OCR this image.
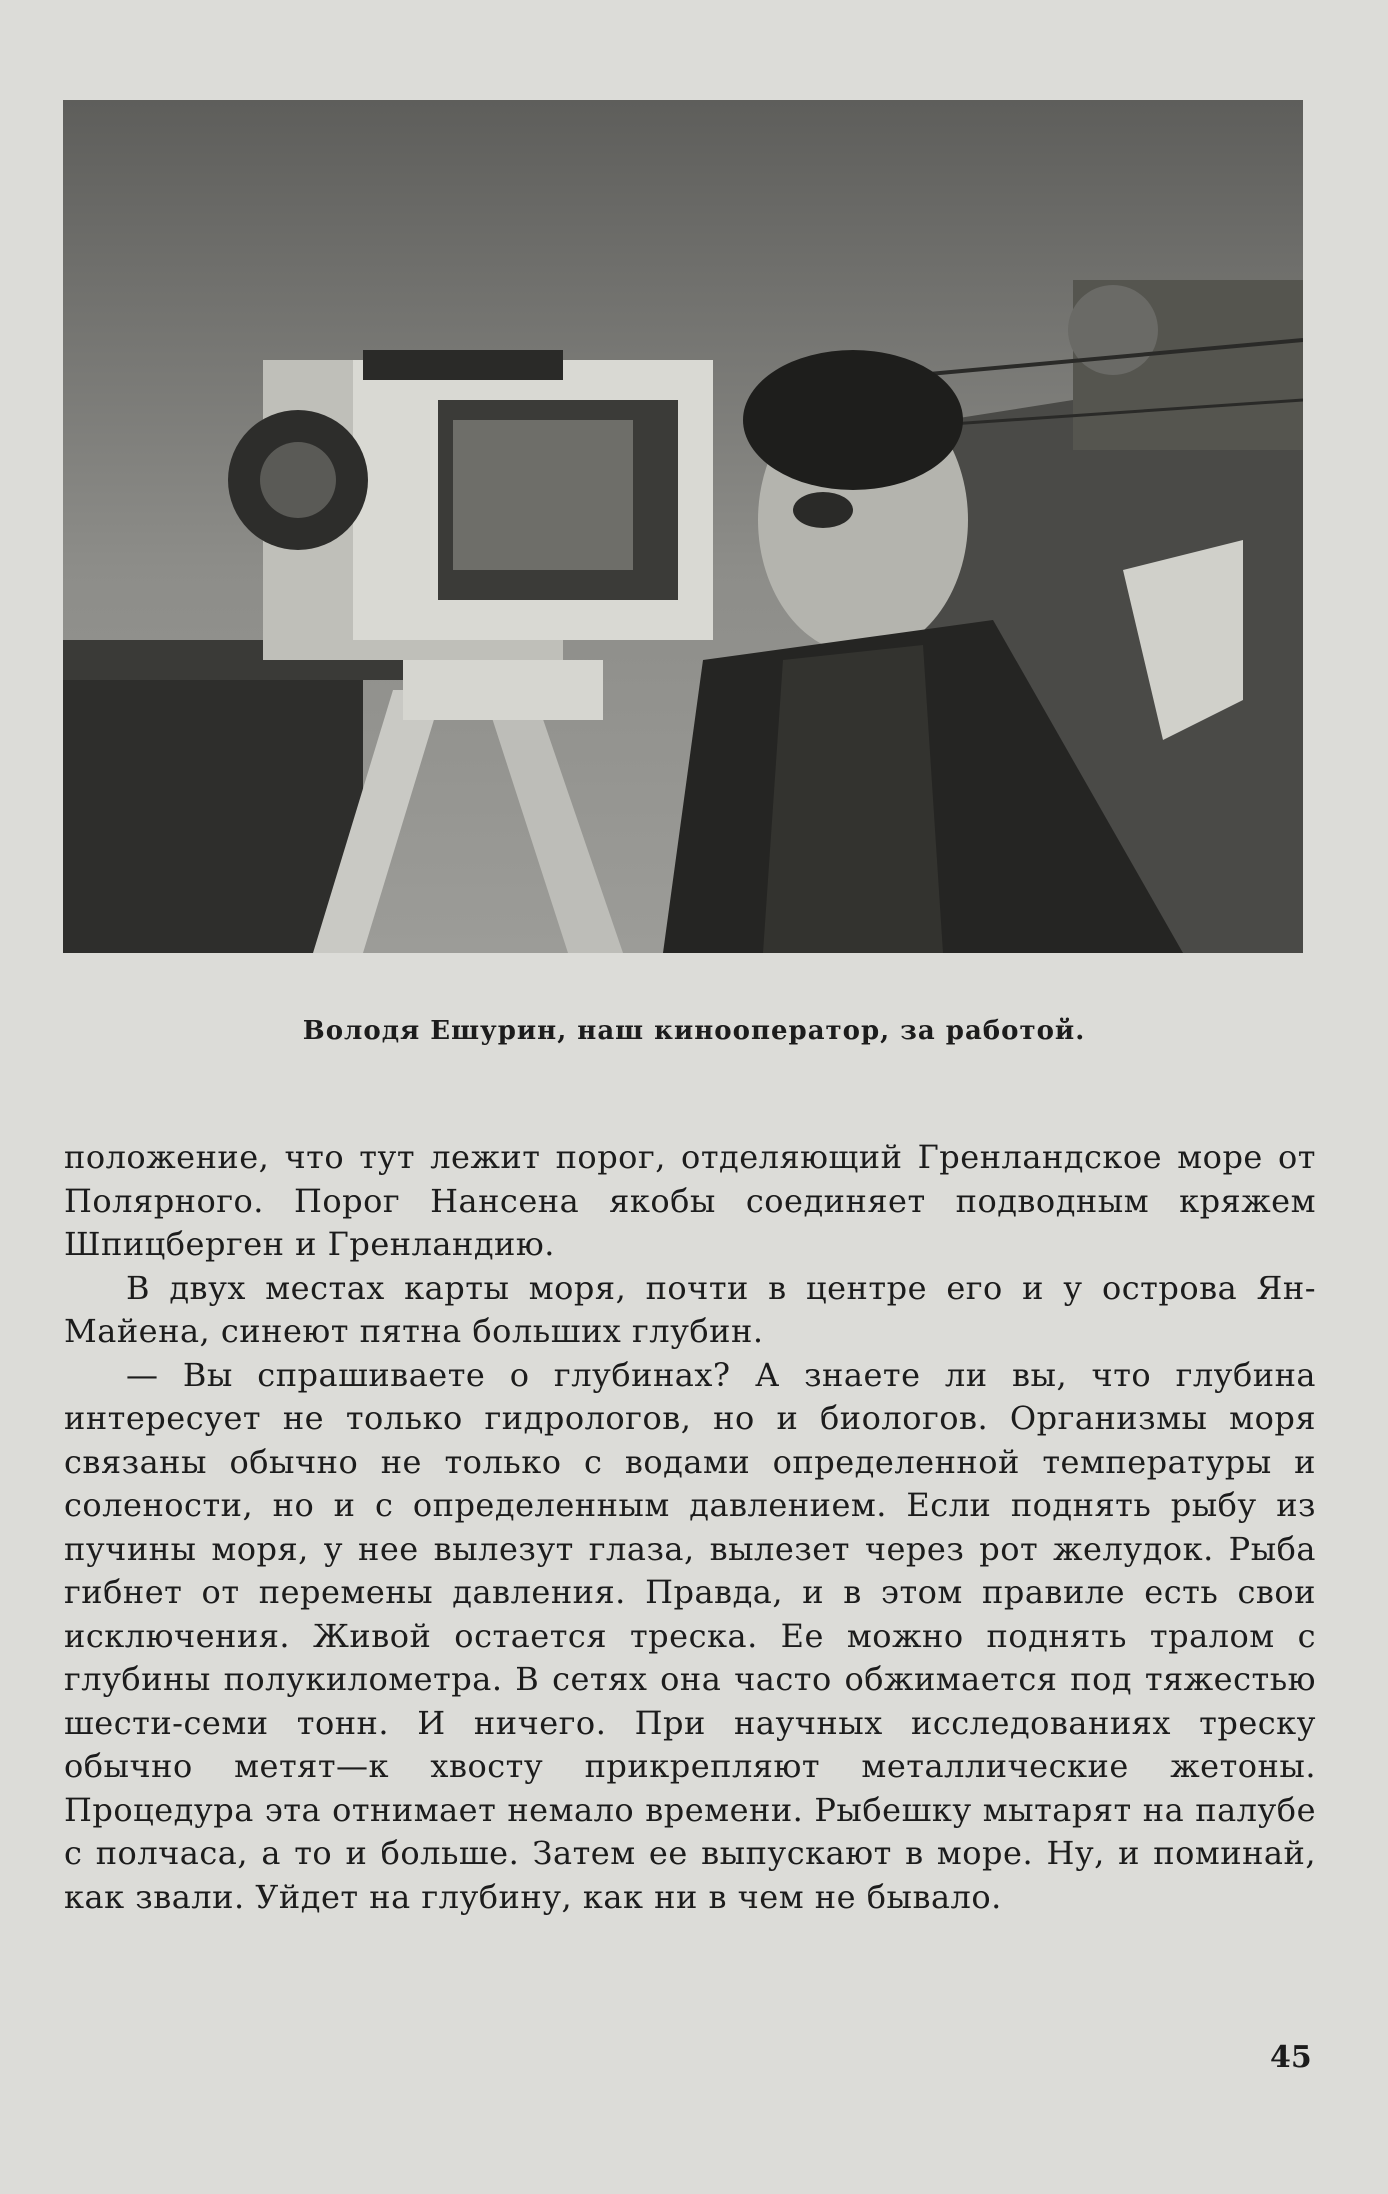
Володя Ешурин, наш кинооператор, за работой.

положение, что тут лежит порог, отделяющий Гренландское море от Полярного. Порог Нансена якобы соединяет подводным кряжем Шпицберген и Гренландию.

В двух местах карты моря, почти в центре его и у острова Ян-Майена, синеют пятна больших глубин.

— Вы спрашиваете о глубинах? А знаете ли вы, что глубина интересует не только гидрологов, но и биологов. Организмы моря связаны обычно не только с водами определенной температуры и солености, но и с определенным давлением. Если поднять рыбу из пучины моря, у нее вылезут глаза, вылезет через рот желудок. Рыба гибнет от перемены давления. Правда, и в этом правиле есть свои исключения. Живой остается треска. Ее можно поднять тралом с глубины полукилометра. В сетях она часто обжимается под тяжестью шести-семи тонн. И ничего. При научных исследованиях треску обычно метят—к хвосту прикрепляют металлические жетоны. Процедура эта отнимает немало времени. Рыбешку мытарят на палубе с полчаса, а то и больше. Затем ее выпускают в море. Ну, и поминай, как звали. Уйдет на глубину, как ни в чем не бывало.

45
